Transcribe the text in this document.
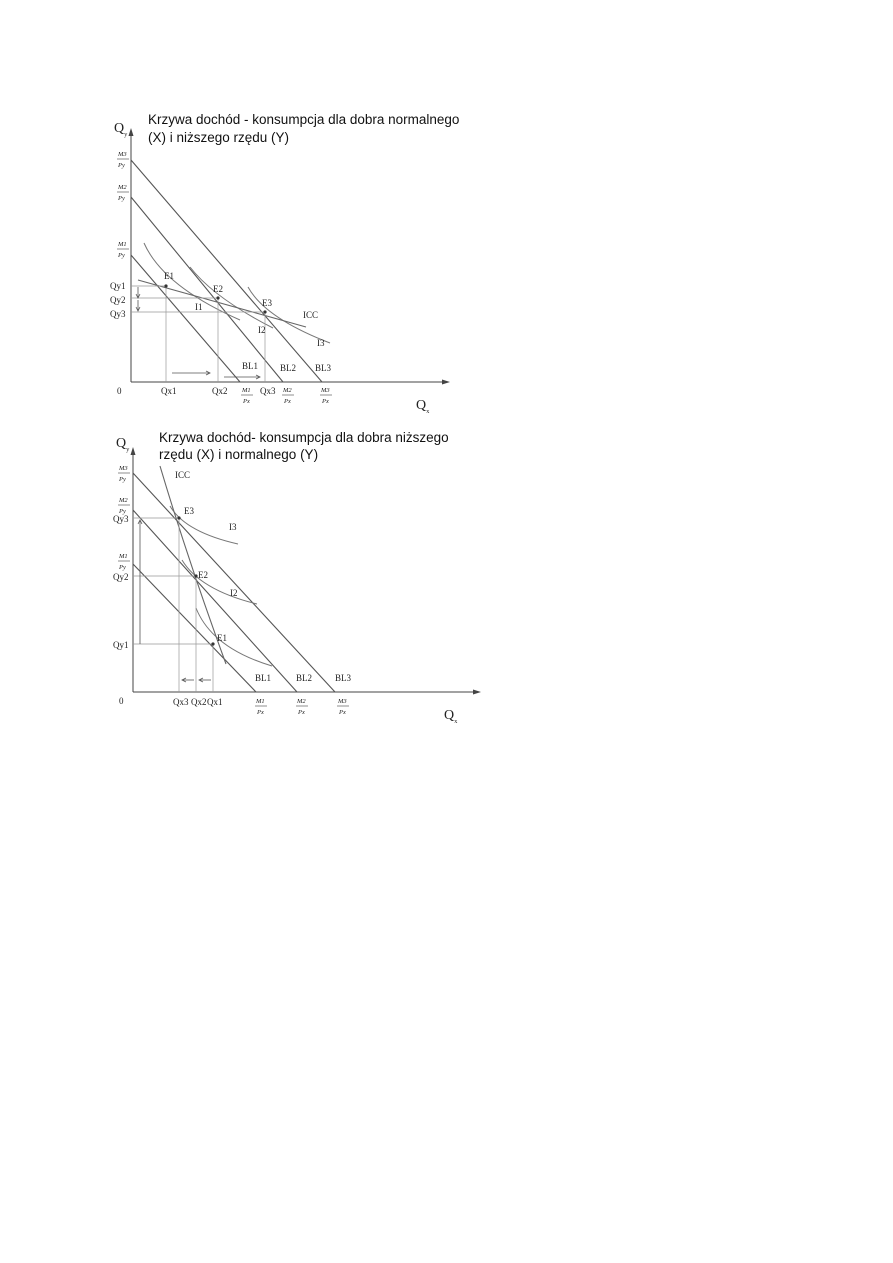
Krzywa dochód - konsumpcja dla dobra normalnego
(X) i niższego rzędu (Y)
$Q_y$
$Q_x$
0
M3
Py
M2
Py
M1
Py
E1
E2
E3
I1
I2
I3
ICC
BL1 BL2 BL3
Qy1
Qy2
Qy3
Qx1	Qx2	Qx3
M1
Px
M2
Px
M3
Px
Krzywa dochód- konsumpcja dla dobra niższego
rzędu (X) i normalnego (Y)
$Q_y$
$Q_x$
0
M3
Py
M2
Py
M1
Py
E3
E2
E1
ICC
I3
I2
BL1	BL2	BL3
Qy3
Qy2
Qy1
Qx3 Qx2 Qx1	M1
Px
M2
Px
M3
Px
